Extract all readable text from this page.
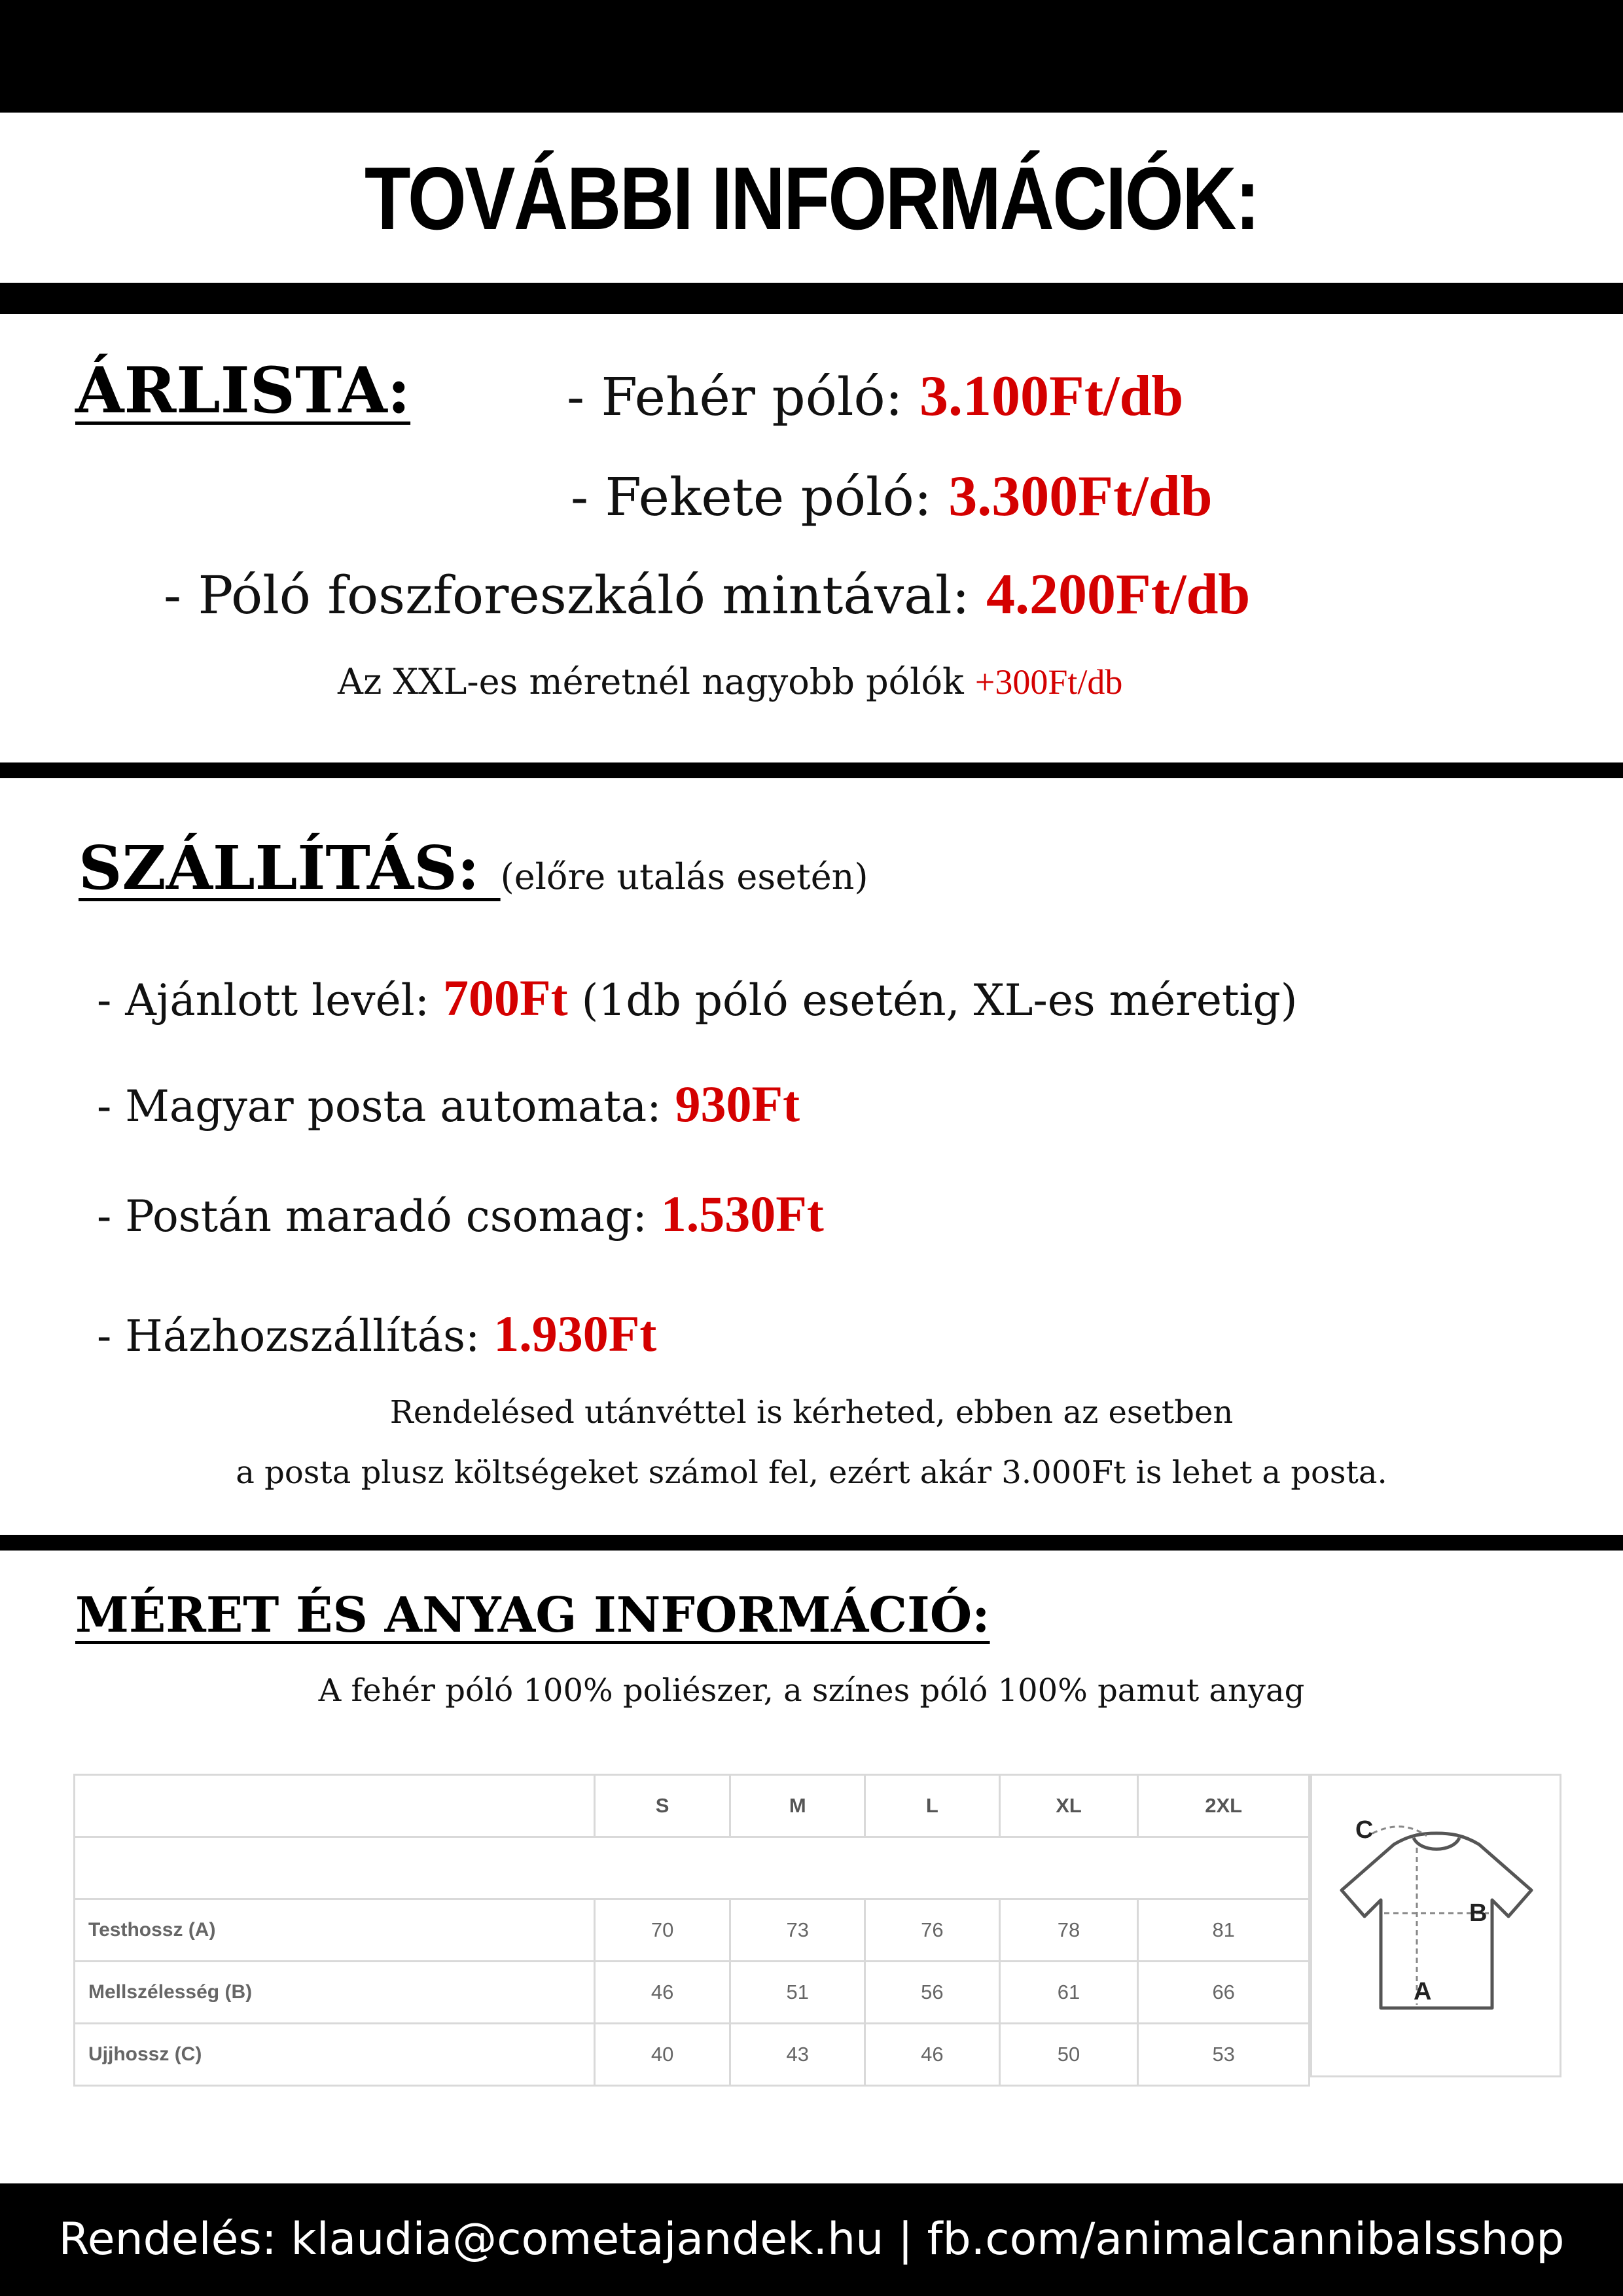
TOVÁBBI INFORMÁCIÓK:
ÁRLISTA:	- Fehér póló: 3.100Ft/db
- Fekete póló: 3.300Ft/db
- Póló foszforeszkáló mintával: 4.200Ft/db
Az XXL-es méretnél nagyobb pólók +300Ft/db
SZÁLLÍTÁS: (előre utalás esetén)
- Ajánlott levél: 700Ft (1db póló esetén, XL-es méretig)
- Magyar posta automata: 930Ft
- Postán maradó csomag: 1.530Ft
- Házhozszállítás: 1.930Ft
Rendelésed utánvéttel is kérheted, ebben az esetben
a posta plusz költségeket számol fel, ezért akár 3.000Ft is lehet a posta.
MÉRET ÉS ANYAG INFORMÁCIÓ:
A fehér póló 100% poliészer, a színes póló 100% pamut anyag
	S	M	L	XL	2XL

Testhossz (A)	70	73	76	78	81
Mellszélesség (B)	46	51	56	61	66
Ujjhossz (C)	40	43	46	50	53
C
B
A
Rendelés: klaudia@cometajandek.hu | fb.com/animalcannibalsshop
